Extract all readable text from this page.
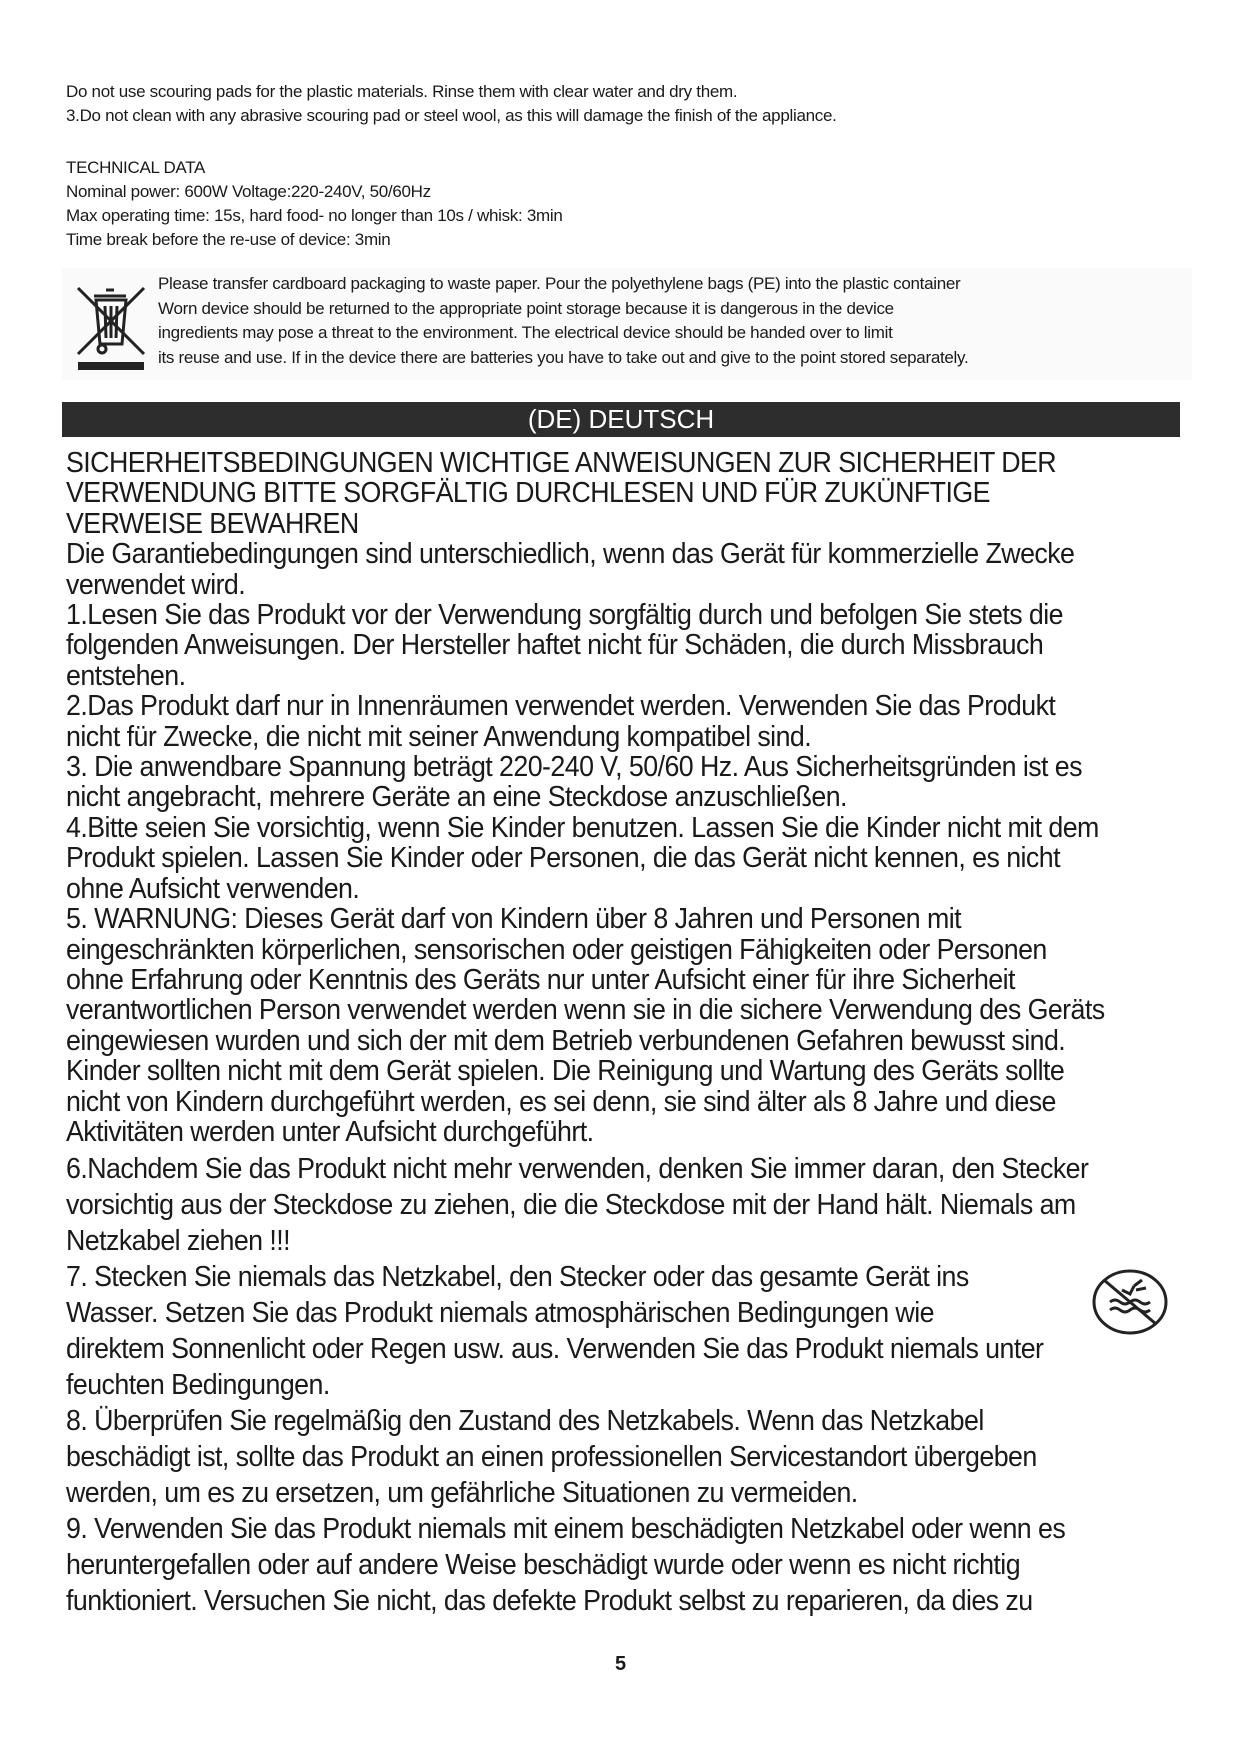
Do not use scouring pads for the plastic materials. Rinse them with clear water and dry them.

3.Do not clean with any abrasive scouring pad or steel wool, as this will damage the finish of the appliance.

TECHNICAL DATA

Nominal power: 600W Voltage:220-240V, 50/60Hz

Max operating time: 15s, hard food- no longer than 10s / whisk: 3min

Time break before the re-use of device: 3min

Please transfer cardboard packaging to waste paper. Pour the polyethylene bags (PE) into the plastic container

Worn device should be returned to the appropriate point storage because it is dangerous in the device

ingredients may pose a threat to the environment. The electrical device should be handed over to limit

its reuse and use. If in the device there are batteries you have to take out and give to the point stored separately.

(DE) DEUTSCH

SICHERHEITSBEDINGUNGEN WICHTIGE ANWEISUNGEN ZUR SICHERHEIT DER

VERWENDUNG BITTE SORGFÄLTIG DURCHLESEN UND FÜR ZUKÜNFTIGE

VERWEISE BEWAHREN

Die Garantiebedingungen sind unterschiedlich, wenn das Gerät für kommerzielle Zwecke

verwendet wird.

1.Lesen Sie das Produkt vor der Verwendung sorgfältig durch und befolgen Sie stets die

folgenden Anweisungen. Der Hersteller haftet nicht für Schäden, die durch Missbrauch

entstehen.

2.Das Produkt darf nur in Innenräumen verwendet werden. Verwenden Sie das Produkt

nicht für Zwecke, die nicht mit seiner Anwendung kompatibel sind.

3. Die anwendbare Spannung beträgt 220-240 V, 50/60 Hz. Aus Sicherheitsgründen ist es

nicht angebracht, mehrere Geräte an eine Steckdose anzuschließen.

4.Bitte seien Sie vorsichtig, wenn Sie Kinder benutzen. Lassen Sie die Kinder nicht mit dem

Produkt spielen. Lassen Sie Kinder oder Personen, die das Gerät nicht kennen, es nicht

ohne Aufsicht verwenden.

5. WARNUNG: Dieses Gerät darf von Kindern über 8 Jahren und Personen mit

eingeschränkten körperlichen, sensorischen oder geistigen Fähigkeiten oder Personen

ohne Erfahrung oder Kenntnis des Geräts nur unter Aufsicht einer für ihre Sicherheit

verantwortlichen Person verwendet werden wenn sie in die sichere Verwendung des Geräts

eingewiesen wurden und sich der mit dem Betrieb verbundenen Gefahren bewusst sind.

Kinder sollten nicht mit dem Gerät spielen. Die Reinigung und Wartung des Geräts sollte

nicht von Kindern durchgeführt werden, es sei denn, sie sind älter als 8 Jahre und diese

Aktivitäten werden unter Aufsicht durchgeführt.

6.Nachdem Sie das Produkt nicht mehr verwenden, denken Sie immer daran, den Stecker

vorsichtig aus der Steckdose zu ziehen, die die Steckdose mit der Hand hält. Niemals am

Netzkabel ziehen !!!

7. Stecken Sie niemals das Netzkabel, den Stecker oder das gesamte Gerät ins

Wasser. Setzen Sie das Produkt niemals atmosphärischen Bedingungen wie

direktem Sonnenlicht oder Regen usw. aus. Verwenden Sie das Produkt niemals unter

feuchten Bedingungen.

8. Überprüfen Sie regelmäßig den Zustand des Netzkabels. Wenn das Netzkabel

beschädigt ist, sollte das Produkt an einen professionellen Servicestandort übergeben

werden, um es zu ersetzen, um gefährliche Situationen zu vermeiden.

9. Verwenden Sie das Produkt niemals mit einem beschädigten Netzkabel oder wenn es

heruntergefallen oder auf andere Weise beschädigt wurde oder wenn es nicht richtig

funktioniert. Versuchen Sie nicht, das defekte Produkt selbst zu reparieren, da dies zu

5
